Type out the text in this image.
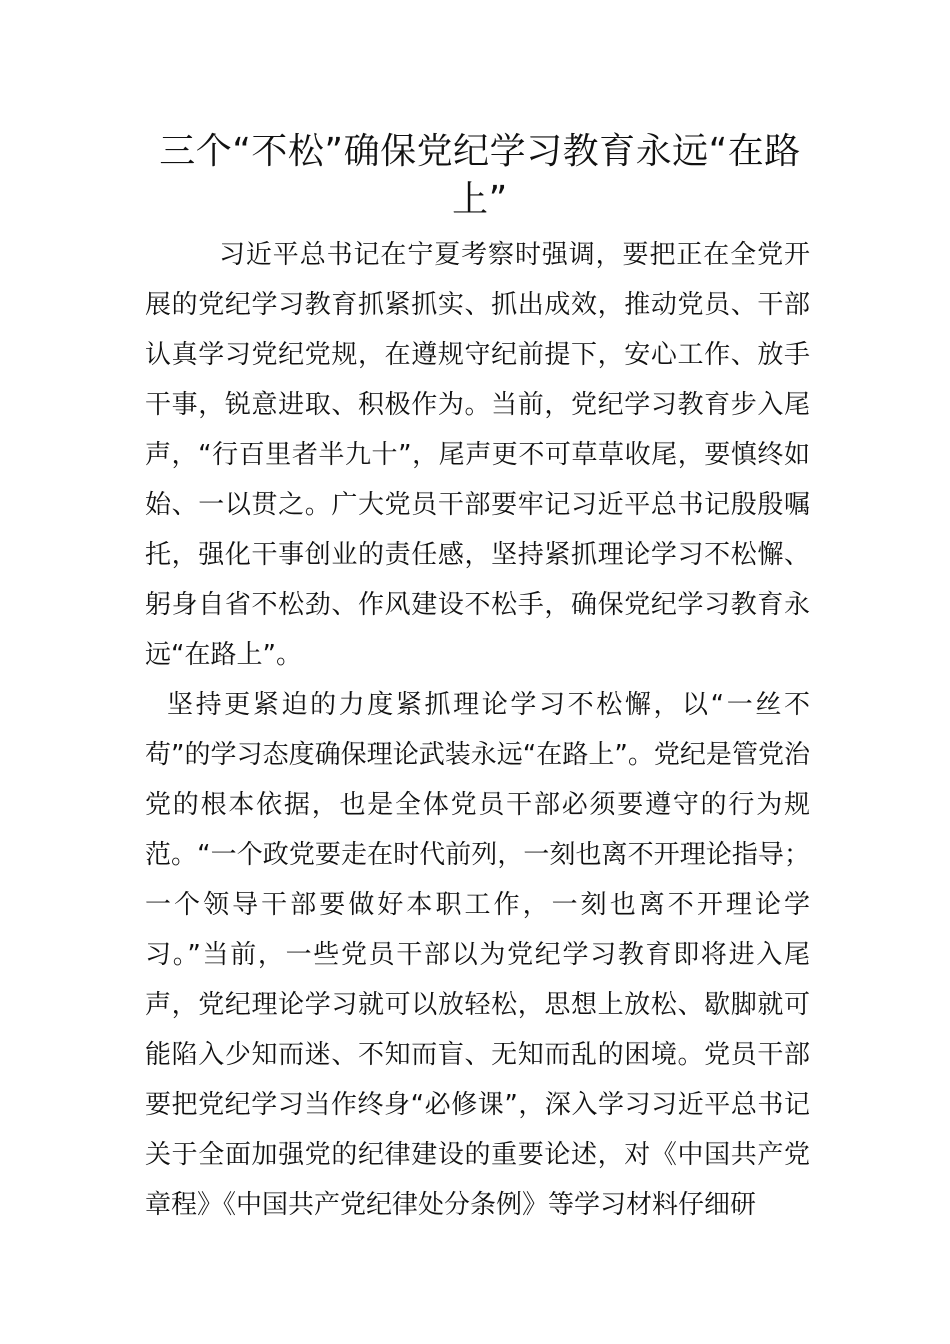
三个“不松”确保党纪学习教育永远“在路上”

习近平总书记在宁夏考察时强调，要把正在全党开展的党纪学习教育抓紧抓实、抓出成效，推动党员、干部认真学习党纪党规，在遵规守纪前提下，安心工作、放手干事，锐意进取、积极作为。当前，党纪学习教育步入尾声，“行百里者半九十”，尾声更不可草草收尾，要慎终如始、一以贯之。广大党员干部要牢记习近平总书记殷殷嘱托，强化干事创业的责任感，坚持紧抓理论学习不松懈、躬身自省不松劲、作风建设不松手，确保党纪学习教育永远“在路上”。

坚持更紧迫的力度紧抓理论学习不松懈，以“一丝不苟”的学习态度确保理论武装永远“在路上”。党纪是管党治党的根本依据，也是全体党员干部必须要遵守的行为规范。“一个政党要走在时代前列，一刻也离不开理论指导；一个领导干部要做好本职工作，一刻也离不开理论学习。”当前，一些党员干部以为党纪学习教育即将进入尾声，党纪理论学习就可以放轻松，思想上放松、歇脚就可能陷入少知而迷、不知而盲、无知而乱的困境。党员干部要把党纪学习当作终身“必修课”，深入学习习近平总书记关于全面加强党的纪律建设的重要论述，对《中国共产党章程》《中国共产党纪律处分条例》等学习材料仔细研
